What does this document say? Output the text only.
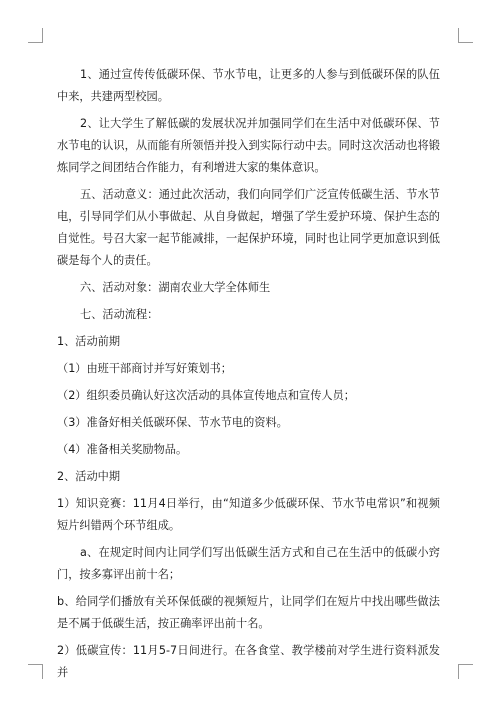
1、通过宣传传低碳环保、节水节电，让更多的人参与到低碳环保的队伍中来，共建两型校园。

2、让大学生了解低碳的发展状况并加强同学们在生活中对低碳环保、节水节电的认识，从而能有所领悟并投入到实际行动中去。同时这次活动也将锻炼同学之间团结合作能力，有利增进大家的集体意识。

五、活动意义：通过此次活动，我们向同学们广泛宣传低碳生活、节水节电，引导同学们从小事做起、从自身做起，增强了学生爱护环境、保护生态的自觉性。号召大家一起节能减排，一起保护环境，同时也让同学更加意识到低碳是每个人的责任。

六、活动对象：湖南农业大学全体师生

七、活动流程：

1、活动前期

（1）由班干部商讨并写好策划书；

（2）组织委员确认好这次活动的具体宣传地点和宣传人员；

（3）准备好相关低碳环保、节水节电的资料。

（4）准备相关奖励物品。

2、活动中期

1）知识竞赛：11月4日举行，由“知道多少低碳环保、节水节电常识”和视频短片纠错两个环节组成。

a、在规定时间内让同学们写出低碳生活方式和自己在生活中的低碳小窍门，按多寡评出前十名；

b、给同学们播放有关环保低碳的视频短片，让同学们在短片中找出哪些做法是不属于低碳生活，按正确率评出前十名。

2）低碳宣传：11月5-7日间进行。在各食堂、教学楼前对学生进行资料派发并
